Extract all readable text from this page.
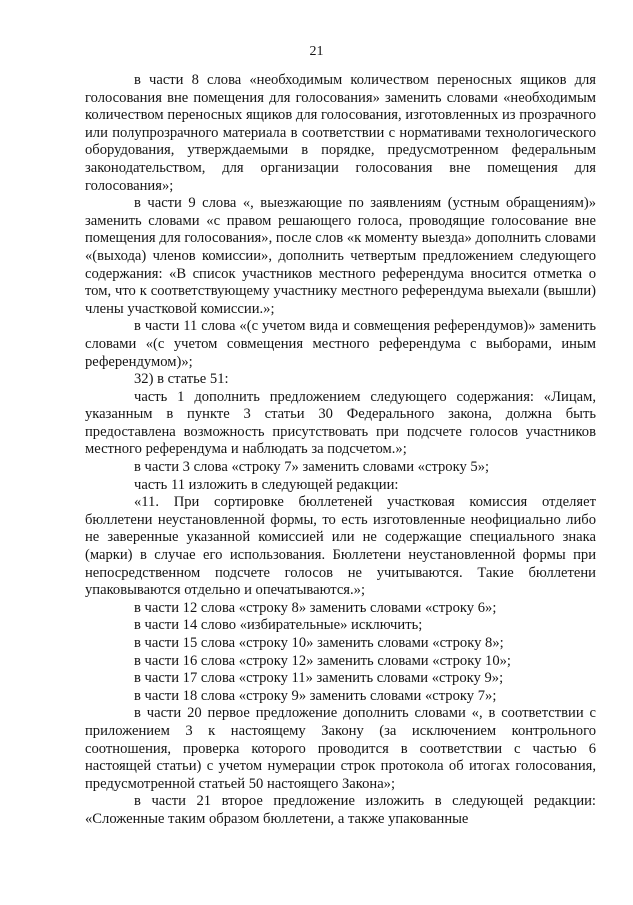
21

в части 8 слова «необходимым количеством переносных ящиков для голосования вне помещения для голосования» заменить словами «необходимым количеством переносных ящиков для голосования, изготовленных из прозрачного или полупрозрачного материала в соответствии с нормативами технологического оборудования, утверждаемыми в порядке, предусмотренном федеральным законодательством, для организации голосования вне помещения для голосования»;

в части 9 слова «, выезжающие по заявлениям (устным обращениям)» заменить словами «с правом решающего голоса, проводящие голосование вне помещения для голосования», после слов «к моменту выезда» дополнить словами «(выхода) членов комиссии», дополнить четвертым предложением следующего содержания: «В список участников местного референдума вносится отметка о том, что к соответствующему участнику местного референдума выехали (вышли) члены участковой комиссии.»;

в части 11 слова «(с учетом вида и совмещения референдумов)» заменить словами «(с учетом совмещения местного референдума с выборами, иным референдумом)»;

32) в статье 51:

часть 1 дополнить предложением следующего содержания: «Лицам, указанным в пункте 3 статьи 30 Федерального закона, должна быть предоставлена возможность присутствовать при подсчете голосов участников местного референдума и наблюдать за подсчетом.»;

в части 3 слова «строку 7» заменить словами «строку 5»;

часть 11 изложить в следующей редакции:

«11. При сортировке бюллетеней участковая комиссия отделяет бюллетени неустановленной формы, то есть изготовленные неофициально либо не заверенные указанной комиссией или не содержащие специального знака (марки) в случае его использования. Бюллетени неустановленной формы при непосредственном подсчете голосов не учитываются. Такие бюллетени упаковываются отдельно и опечатываются.»;

в части 12 слова «строку 8» заменить словами «строку 6»;

в части 14 слово «избирательные» исключить;

в части 15 слова «строку 10» заменить словами «строку 8»;

в части 16 слова «строку 12» заменить словами «строку 10»;

в части 17 слова «строку 11» заменить словами «строку 9»;

в части 18 слова «строку 9» заменить словами «строку 7»;

в части 20 первое предложение дополнить словами «, в соответствии с приложением 3 к настоящему Закону (за исключением контрольного соотношения, проверка которого проводится в соответствии с частью 6 настоящей статьи) с учетом нумерации строк протокола об итогах голосования, предусмотренной статьей 50 настоящего Закона»;

в части 21 второе предложение изложить в следующей редакции: «Сложенные таким образом бюллетени, а также упакованные
